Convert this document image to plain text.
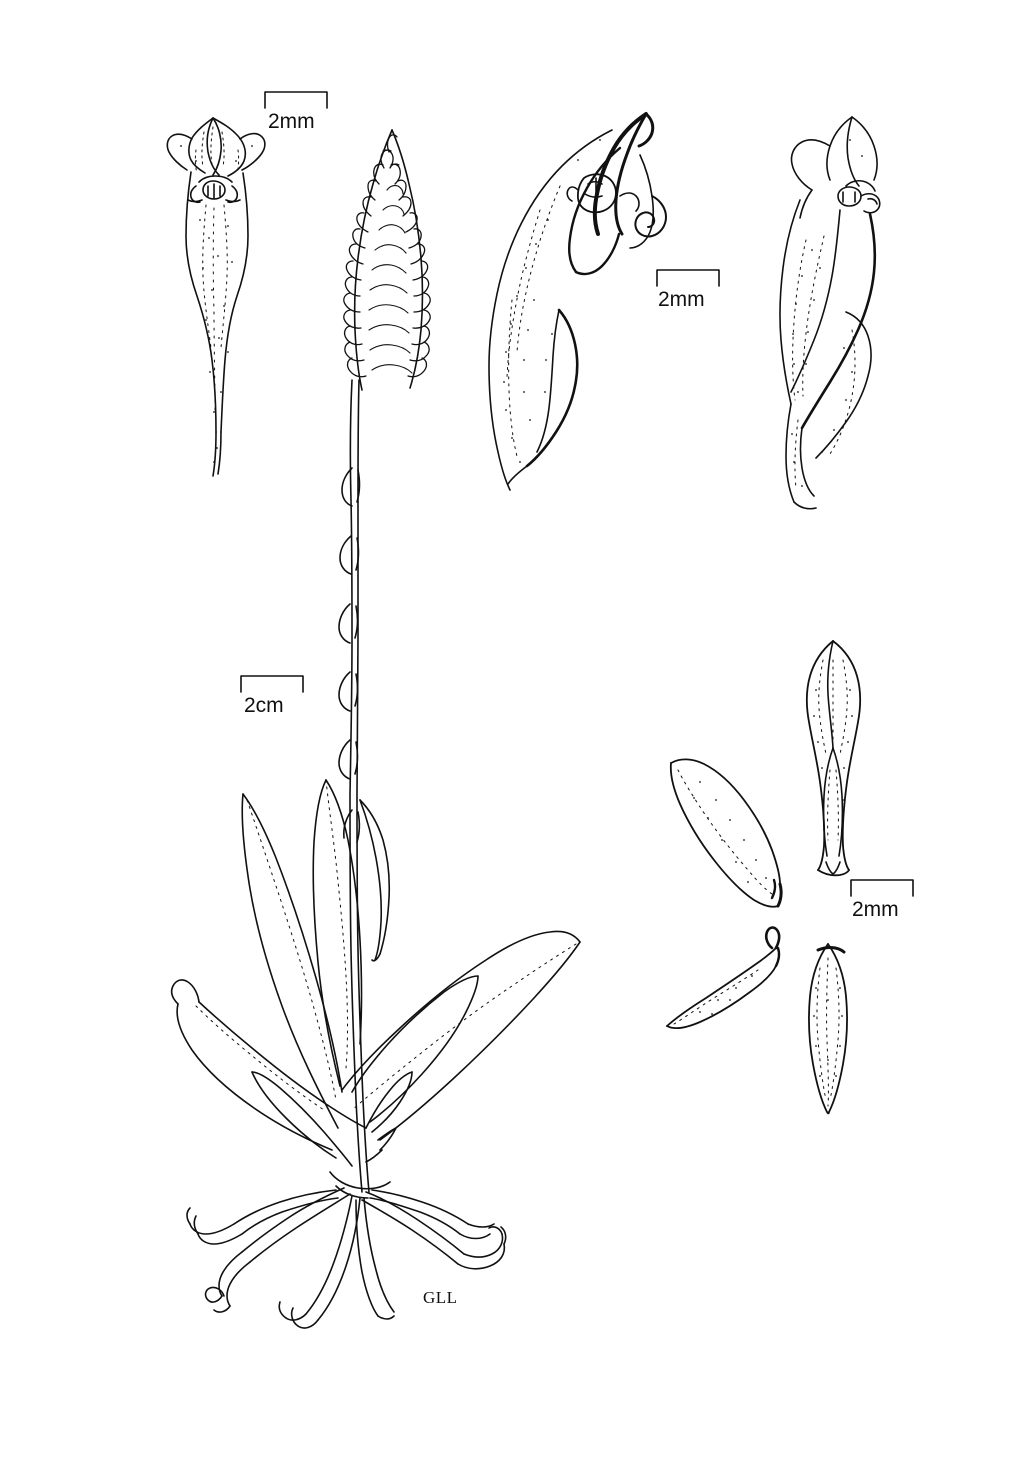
2mm
2mm
2cm
2mm
GLL
